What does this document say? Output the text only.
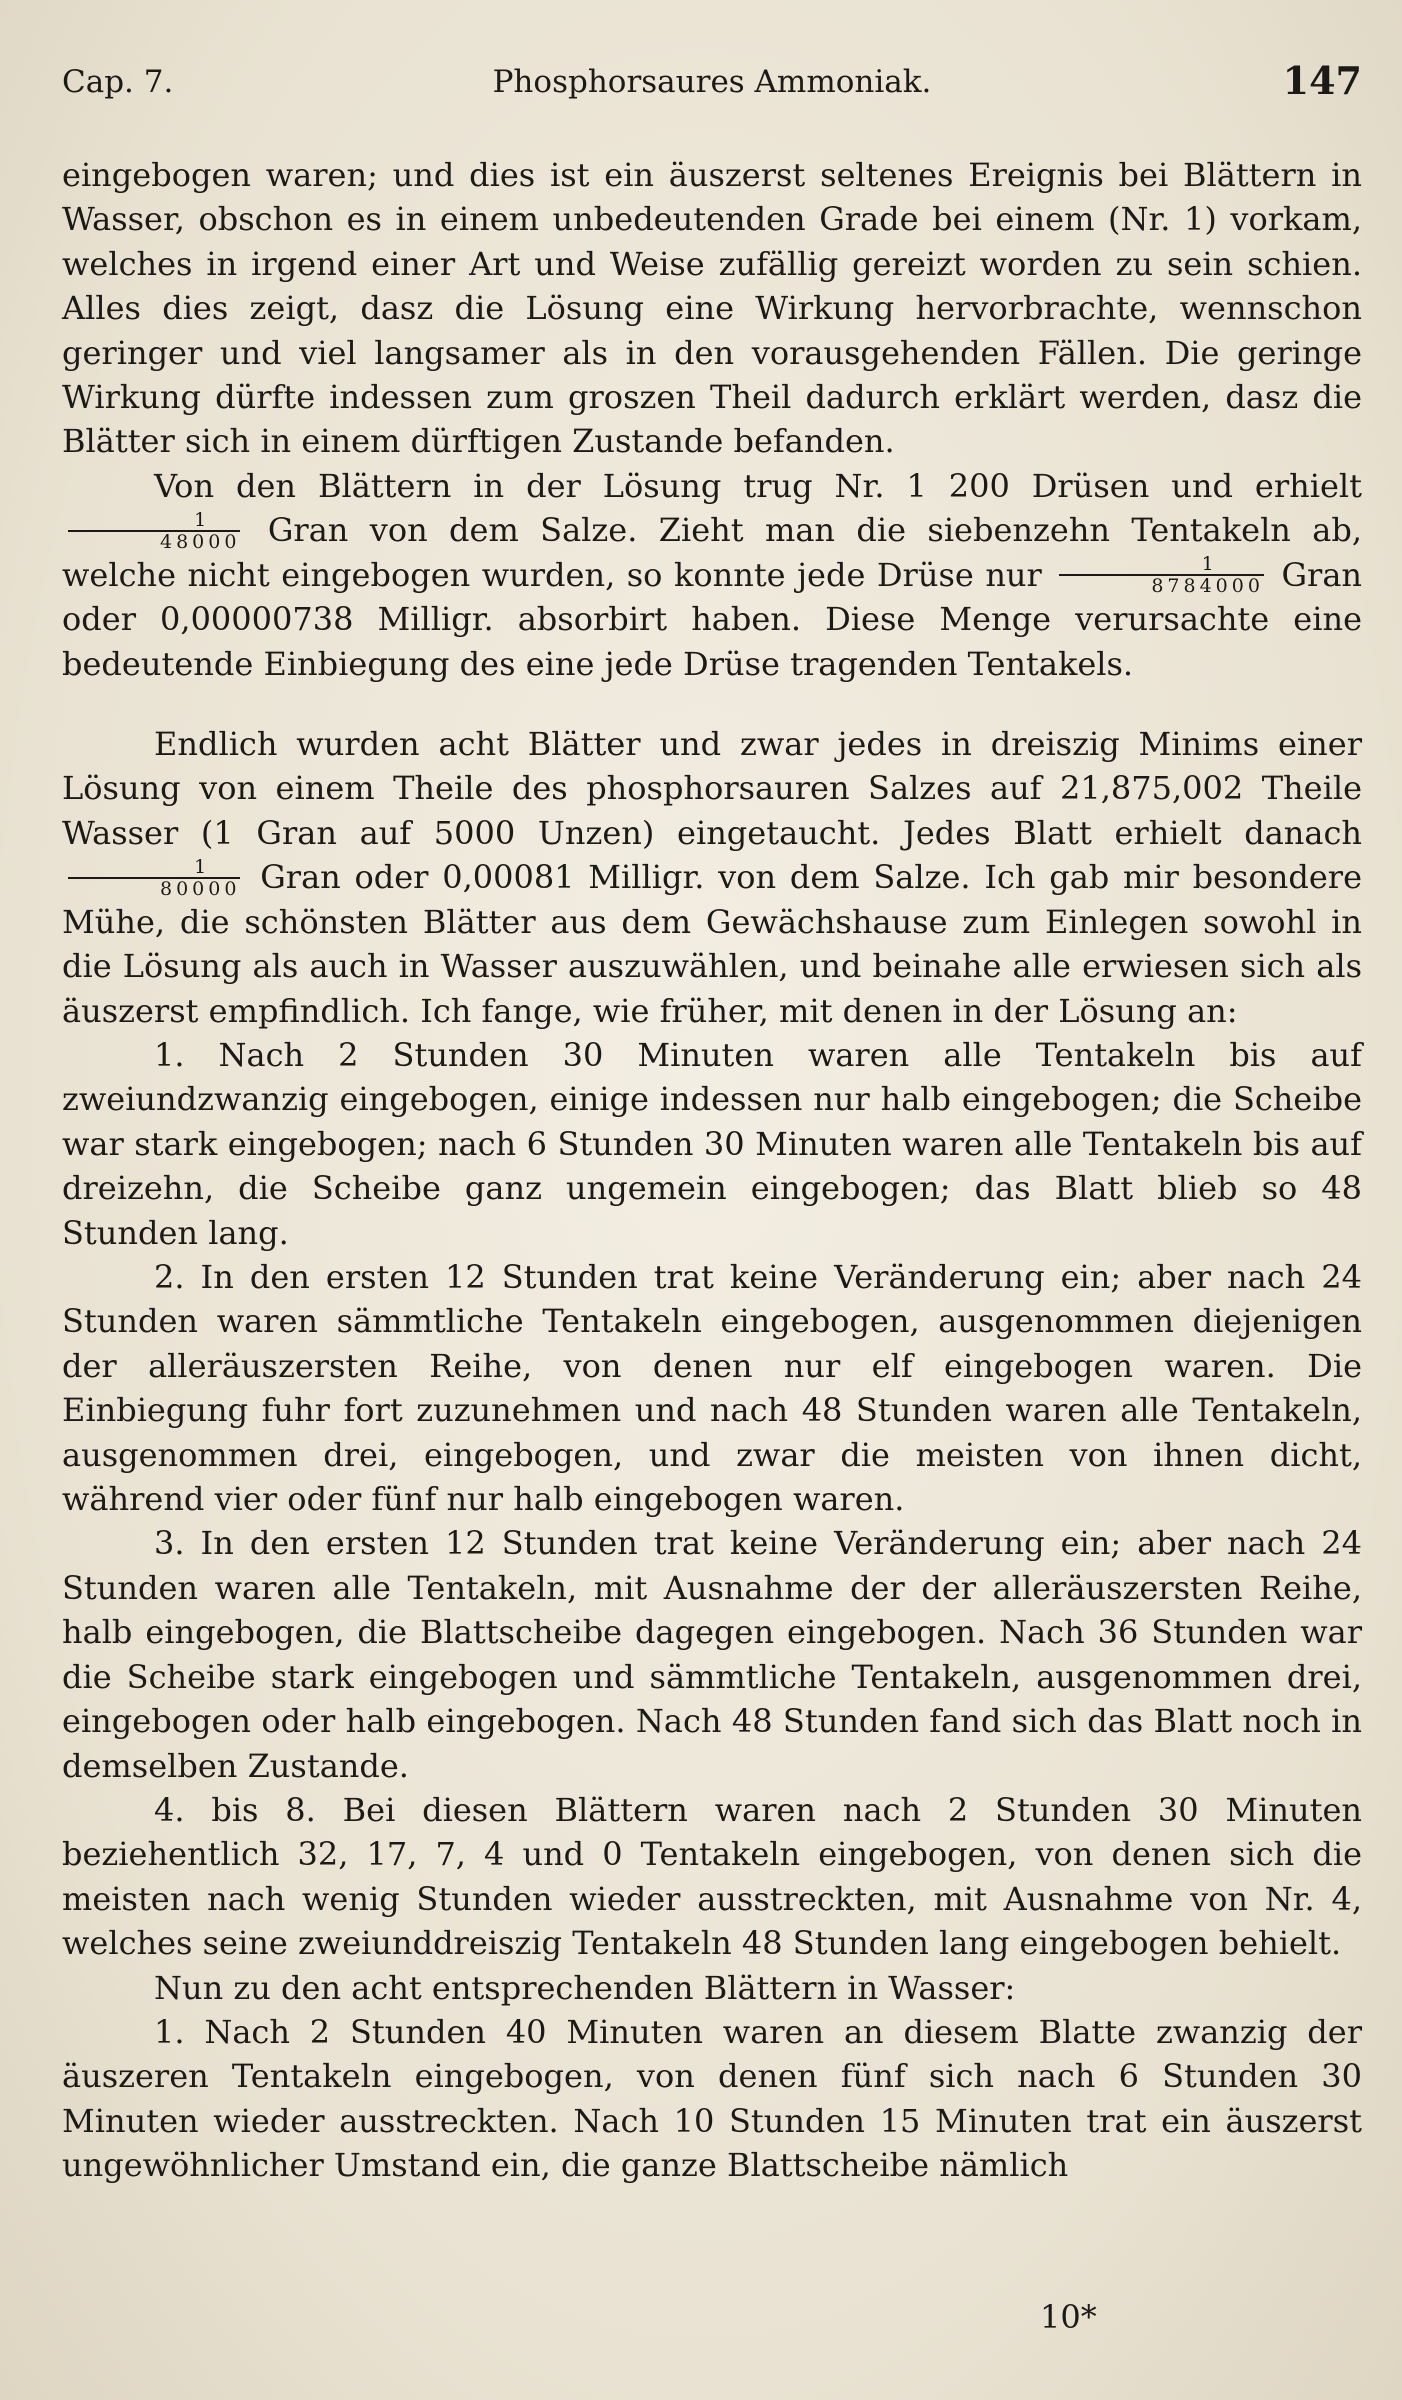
Cap. 7.	Phosphorsaures Ammoniak.	147

eingebogen waren; und dies ist ein äuszerst seltenes Ereignis bei Blättern in Wasser, obschon es in einem unbedeutenden Grade bei einem (Nr. 1) vorkam, welches in irgend einer Art und Weise zufällig gereizt worden zu sein schien. Alles dies zeigt, dasz die Lösung eine Wirkung hervorbrachte, wennschon geringer und viel langsamer als in den vorausgehenden Fällen. Die geringe Wirkung dürfte indessen zum groszen Theil dadurch erklärt werden, dasz die Blätter sich in einem dürftigen Zustande befanden.

Von den Blättern in der Lösung trug Nr. 1 200 Drüsen und erhielt
$\frac{1}{48000}$ Gran von dem Salze. Zieht man die siebenzehn Tentakeln ab, welche nicht eingebogen wurden, so konnte jede Drüse nur $\frac{1}{8784000}$ Gran oder 0,00000738 Milligr. absorbirt haben. Diese Menge verursachte eine bedeutende Einbiegung des eine jede Drüse tragenden Tentakels.

Endlich wurden acht Blätter und zwar jedes in dreiszig Minims einer Lösung von einem Theile des phosphorsauren Salzes auf 21,875,002 Theile Wasser (1 Gran auf 5000 Unzen) eingetaucht. Jedes Blatt erhielt danach
$\frac{1}{80000}$ Gran oder 0,00081 Milligr. von dem Salze. Ich gab mir besondere Mühe, die schönsten Blätter aus dem Gewächshause zum Einlegen sowohl in die Lösung als auch in Wasser auszuwählen, und beinahe alle erwiesen sich als äuszerst empfindlich. Ich fange, wie früher, mit denen in der Lösung an:

1. Nach 2 Stunden 30 Minuten waren alle Tentakeln bis auf zweiundzwanzig eingebogen, einige indessen nur halb eingebogen; die Scheibe war stark eingebogen; nach 6 Stunden 30 Minuten waren alle Tentakeln bis auf dreizehn, die Scheibe ganz ungemein eingebogen; das Blatt blieb so 48 Stunden lang.

2. In den ersten 12 Stunden trat keine Veränderung ein; aber nach 24 Stunden waren sämmtliche Tentakeln eingebogen, ausgenommen diejenigen der alleräuszersten Reihe, von denen nur elf eingebogen waren. Die Einbiegung fuhr fort zuzunehmen und nach 48 Stunden waren alle Tentakeln, ausgenommen drei, eingebogen, und zwar die meisten von ihnen dicht, während vier oder fünf nur halb eingebogen waren.

3. In den ersten 12 Stunden trat keine Veränderung ein; aber nach 24 Stunden waren alle Tentakeln, mit Ausnahme der der alleräuszersten Reihe, halb eingebogen, die Blattscheibe dagegen eingebogen. Nach 36 Stunden war die Scheibe stark eingebogen und sämmtliche Tentakeln, ausgenommen drei, eingebogen oder halb eingebogen. Nach 48 Stunden fand sich das Blatt noch in demselben Zustande.

4. bis 8. Bei diesen Blättern waren nach 2 Stunden 30 Minuten beziehentlich 32, 17, 7, 4 und 0 Tentakeln eingebogen, von denen sich die meisten nach wenig Stunden wieder ausstreckten, mit Ausnahme von Nr. 4, welches seine zweiunddreiszig Tentakeln 48 Stunden lang eingebogen behielt.

Nun zu den acht entsprechenden Blättern in Wasser:

1. Nach 2 Stunden 40 Minuten waren an diesem Blatte zwanzig der äuszeren Tentakeln eingebogen, von denen fünf sich nach 6 Stunden 30 Minuten wieder ausstreckten. Nach 10 Stunden 15 Minuten trat ein äuszerst ungewöhnlicher Umstand ein, die ganze Blattscheibe nämlich

10*
